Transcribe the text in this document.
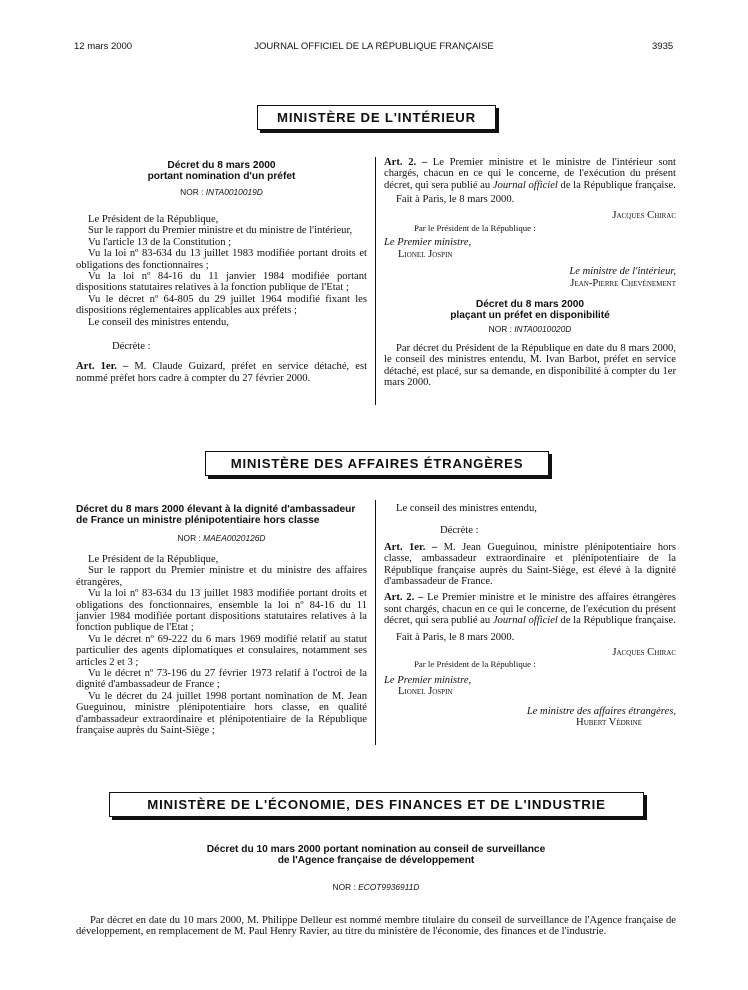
12 mars 2000	JOURNAL OFFICIEL DE LA RÉPUBLIQUE FRANÇAISE	3935
MINISTÈRE DE L'INTÉRIEUR
Décret du 8 mars 2000
portant nomination d'un préfet
NOR : INTA0010019D

Le Président de la République,

Sur le rapport du Premier ministre et du ministre de l'intérieur,

Vu l'article 13 de la Constitution ;

Vu la loi nº 83-634 du 13 juillet 1983 modifiée portant droits et obligations des fonctionnaires ;

Vu la loi nº 84-16 du 11 janvier 1984 modifiée portant dispositions statutaires relatives à la fonction publique de l'Etat ;

Vu le décret nº 64-805 du 29 juillet 1964 modifié fixant les dispositions réglementaires applicables aux préfets ;

Le conseil des ministres entendu,

Décrète :

Art. 1er. – M. Claude Guizard, préfet en service détaché, est nommé préfet hors cadre à compter du 27 février 2000.

Art. 2. – Le Premier ministre et le ministre de l'intérieur sont chargés, chacun en ce qui le concerne, de l'exécution du présent décret, qui sera publié au Journal officiel de la République française.

Fait à Paris, le 8 mars 2000.

Jacques Chirac

Par le Président de la République :

Le Premier ministre,

Lionel Jospin

Le ministre de l'intérieur,

Jean-Pierre Chevènement

Décret du 8 mars 2000
plaçant un préfet en disponibilité
NOR : INTA0010020D

Par décret du Président de la République en date du 8 mars 2000, le conseil des ministres entendu, M. Ivan Barbot, préfet en service détaché, est placé, sur sa demande, en disponibilité à compter du 1er mars 2000.

MINISTÈRE DES AFFAIRES ÉTRANGÈRES
Décret du 8 mars 2000 élevant à la dignité d'ambassadeur de France un ministre plénipotentiaire hors classe
NOR : MAEA0020126D

Le Président de la République,

Sur le rapport du Premier ministre et du ministre des affaires étrangères,

Vu la loi nº 83-634 du 13 juillet 1983 modifiée portant droits et obligations des fonctionnaires, ensemble la loi nº 84-16 du 11 janvier 1984 modifiée portant dispositions statutaires relatives à la fonction publique de l'Etat ;

Vu le décret nº 69-222 du 6 mars 1969 modifié relatif au statut particulier des agents diplomatiques et consulaires, notamment ses articles 2 et 3 ;

Vu le décret nº 73-196 du 27 février 1973 relatif à l'octroi de la dignité d'ambassadeur de France ;

Vu le décret du 24 juillet 1998 portant nomination de M. Jean Gueguinou, ministre plénipotentiaire hors classe, en qualité d'ambassadeur extraordinaire et plénipotentiaire de la République française auprès du Saint-Siège ;

Le conseil des ministres entendu,

Décrète :

Art. 1er. – M. Jean Gueguinou, ministre plénipotentiaire hors classe, ambassadeur extraordinaire et plénipotentiaire de la République française auprès du Saint-Siège, est élevé à la dignité d'ambassadeur de France.

Art. 2. – Le Premier ministre et le ministre des affaires étrangères sont chargés, chacun en ce qui le concerne, de l'exécution du présent décret, qui sera publié au Journal officiel de la République française.

Fait à Paris, le 8 mars 2000.

Jacques Chirac

Par le Président de la République :

Le Premier ministre,

Lionel Jospin

Le ministre des affaires étrangères,

Hubert Védrine

MINISTÈRE DE L'ÉCONOMIE, DES FINANCES ET DE L'INDUSTRIE
Décret du 10 mars 2000 portant nomination au conseil de surveillance
de l'Agence française de développement
NOR : ECOT9936911D

Par décret en date du 10 mars 2000, M. Philippe Delleur est nommé membre titulaire du conseil de surveillance de l'Agence française de développement, en remplacement de M. Paul Henry Ravier, au titre du ministère de l'économie, des finances et de l'industrie.
